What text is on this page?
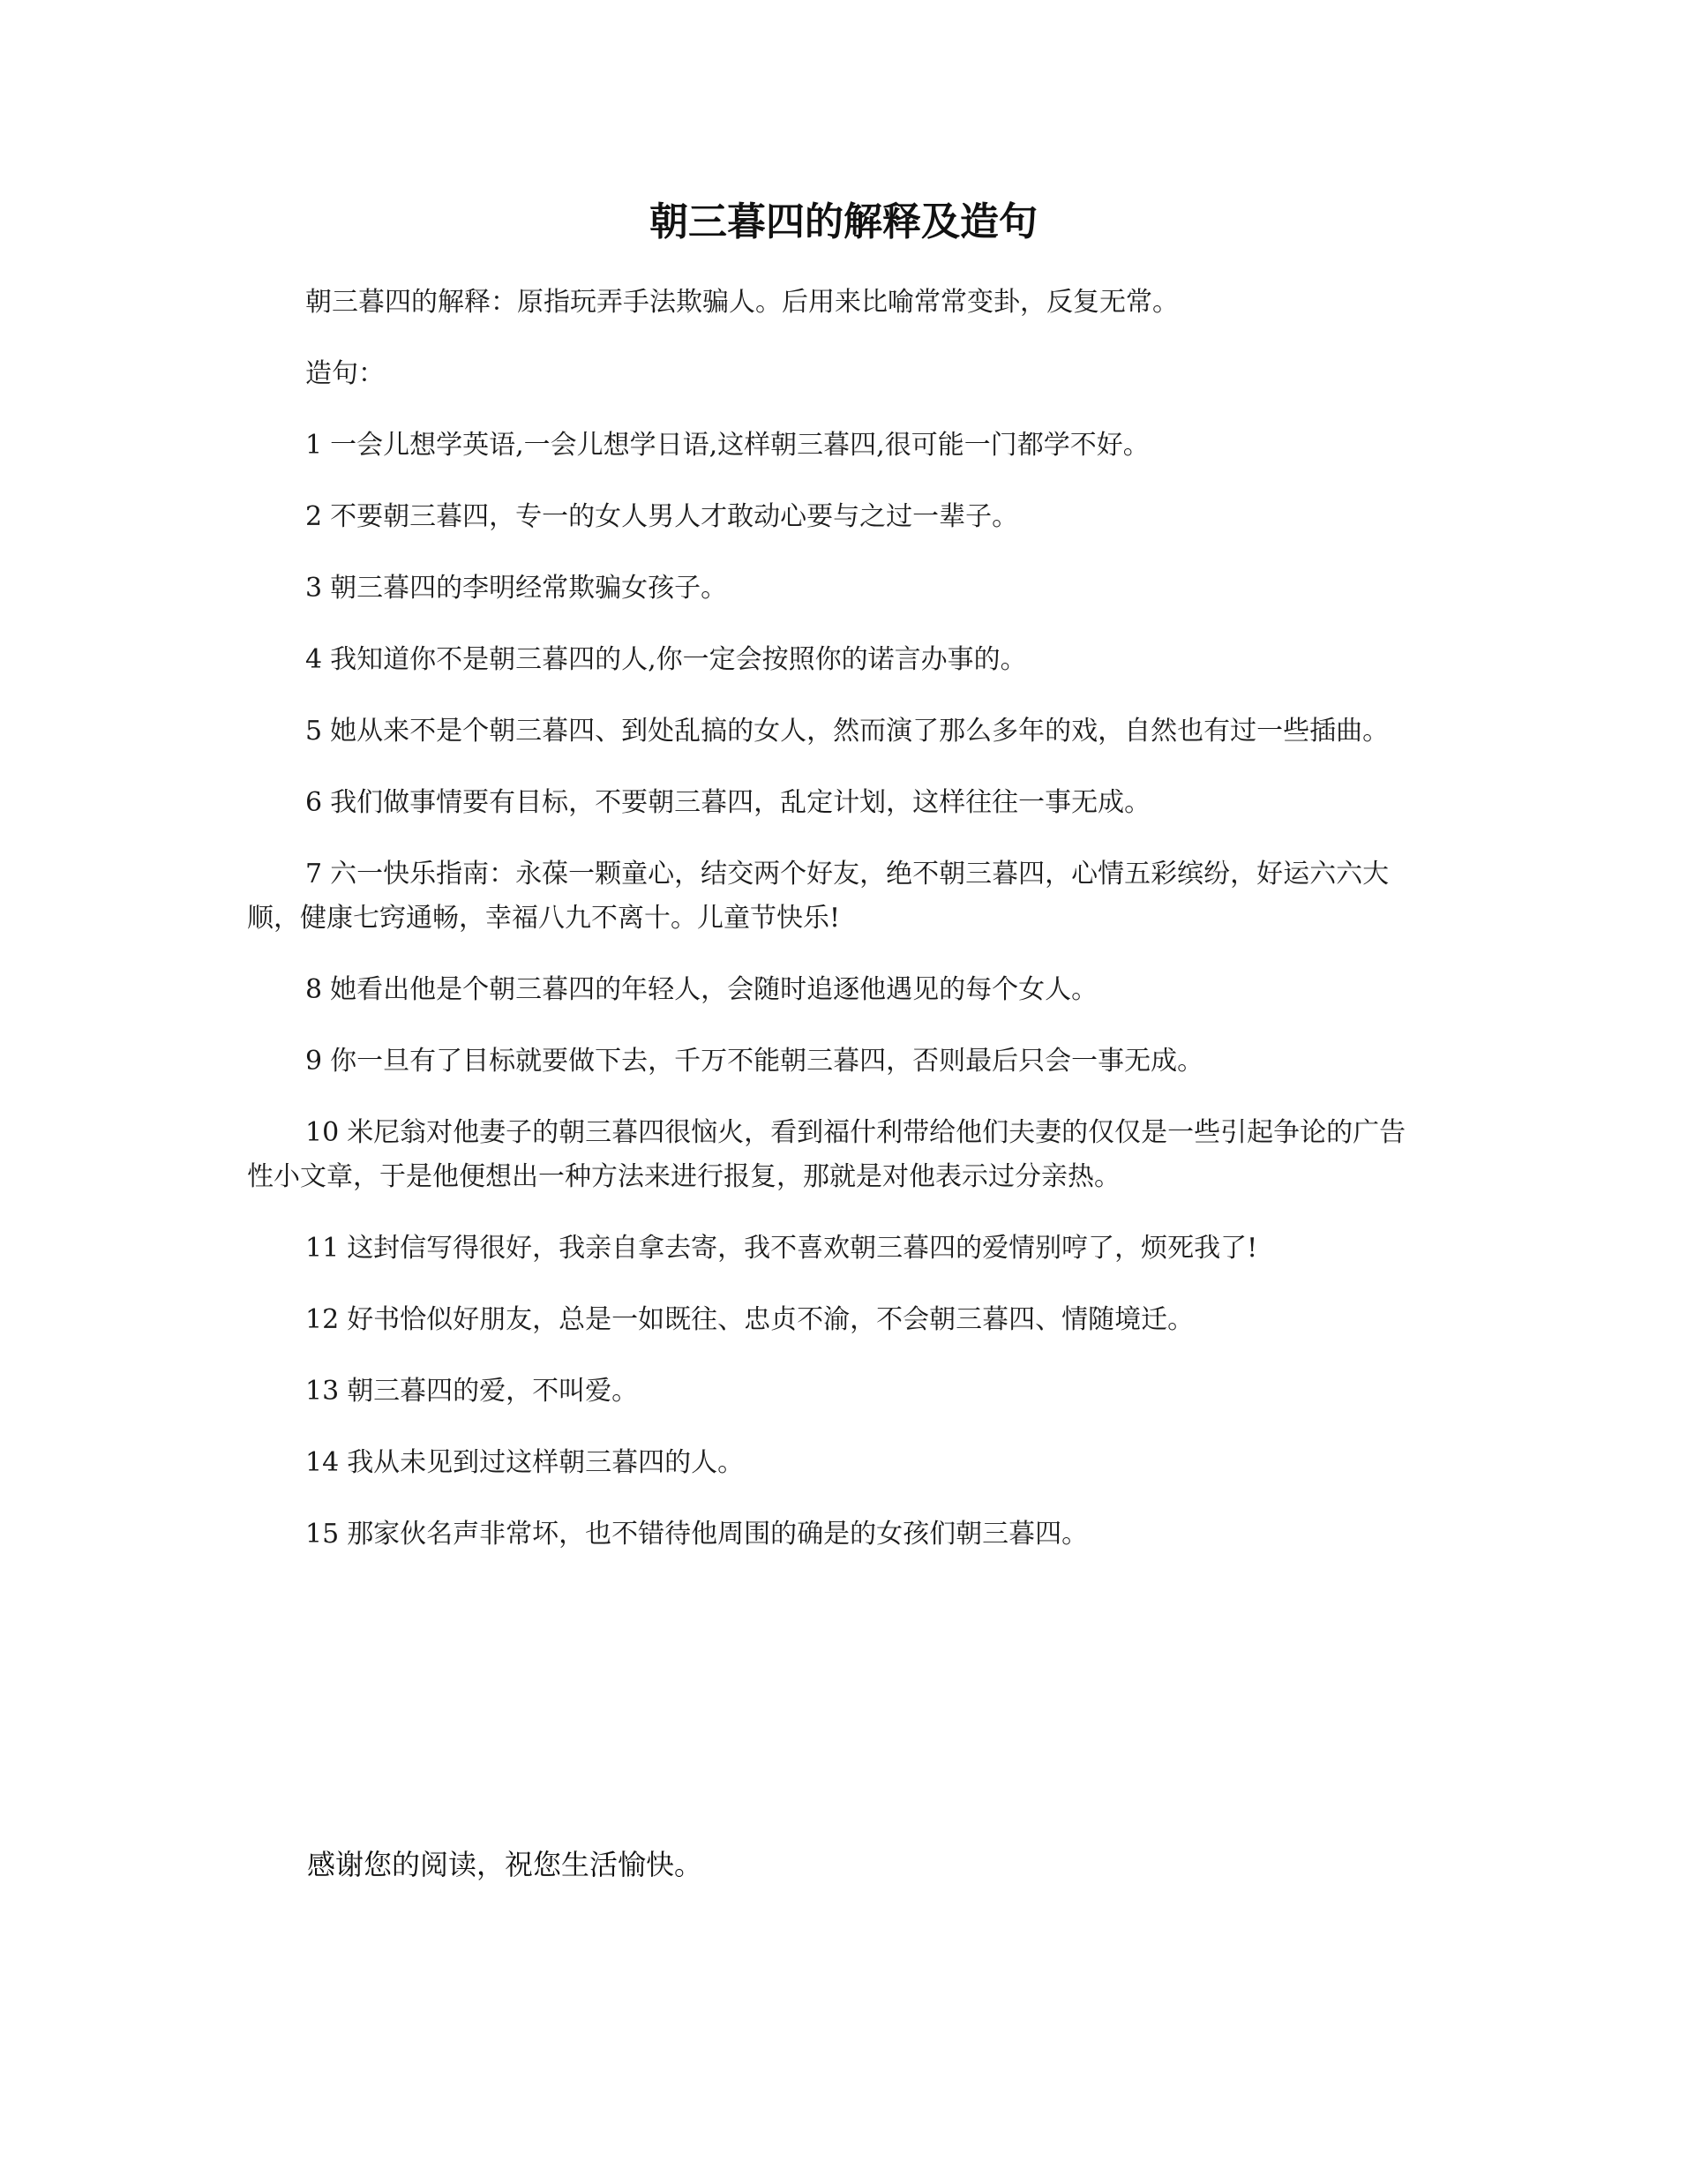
朝三暮四的解释及造句

朝三暮四的解释：原指玩弄手法欺骗人。后用来比喻常常变卦，反复无常。

造句：

1 一会儿想学英语,一会儿想学日语,这样朝三暮四,很可能一门都学不好。

2 不要朝三暮四，专一的女人男人才敢动心要与之过一辈子。

3 朝三暮四的李明经常欺骗女孩子。

4 我知道你不是朝三暮四的人,你一定会按照你的诺言办事的。

5 她从来不是个朝三暮四、到处乱搞的女人，然而演了那么多年的戏，自然也有过一些插曲。

6 我们做事情要有目标，不要朝三暮四，乱定计划，这样往往一事无成。

7 六一快乐指南：永葆一颗童心，结交两个好友，绝不朝三暮四，心情五彩缤纷，好运六六大顺，健康七窍通畅，幸福八九不离十。儿童节快乐!

8 她看出他是个朝三暮四的年轻人，会随时追逐他遇见的每个女人。

9 你一旦有了目标就要做下去，千万不能朝三暮四，否则最后只会一事无成。

10 米尼翁对他妻子的朝三暮四很恼火，看到福什利带给他们夫妻的仅仅是一些引起争论的广告性小文章，于是他便想出一种方法来进行报复，那就是对他表示过分亲热。

11 这封信写得很好，我亲自拿去寄，我不喜欢朝三暮四的爱情别哼了，烦死我了!

12 好书恰似好朋友，总是一如既往、忠贞不渝，不会朝三暮四、情随境迁。

13 朝三暮四的爱，不叫爱。

14 我从未见到过这样朝三暮四的人。

15 那家伙名声非常坏，也不错待他周围的确是的女孩们朝三暮四。

感谢您的阅读，祝您生活愉快。
